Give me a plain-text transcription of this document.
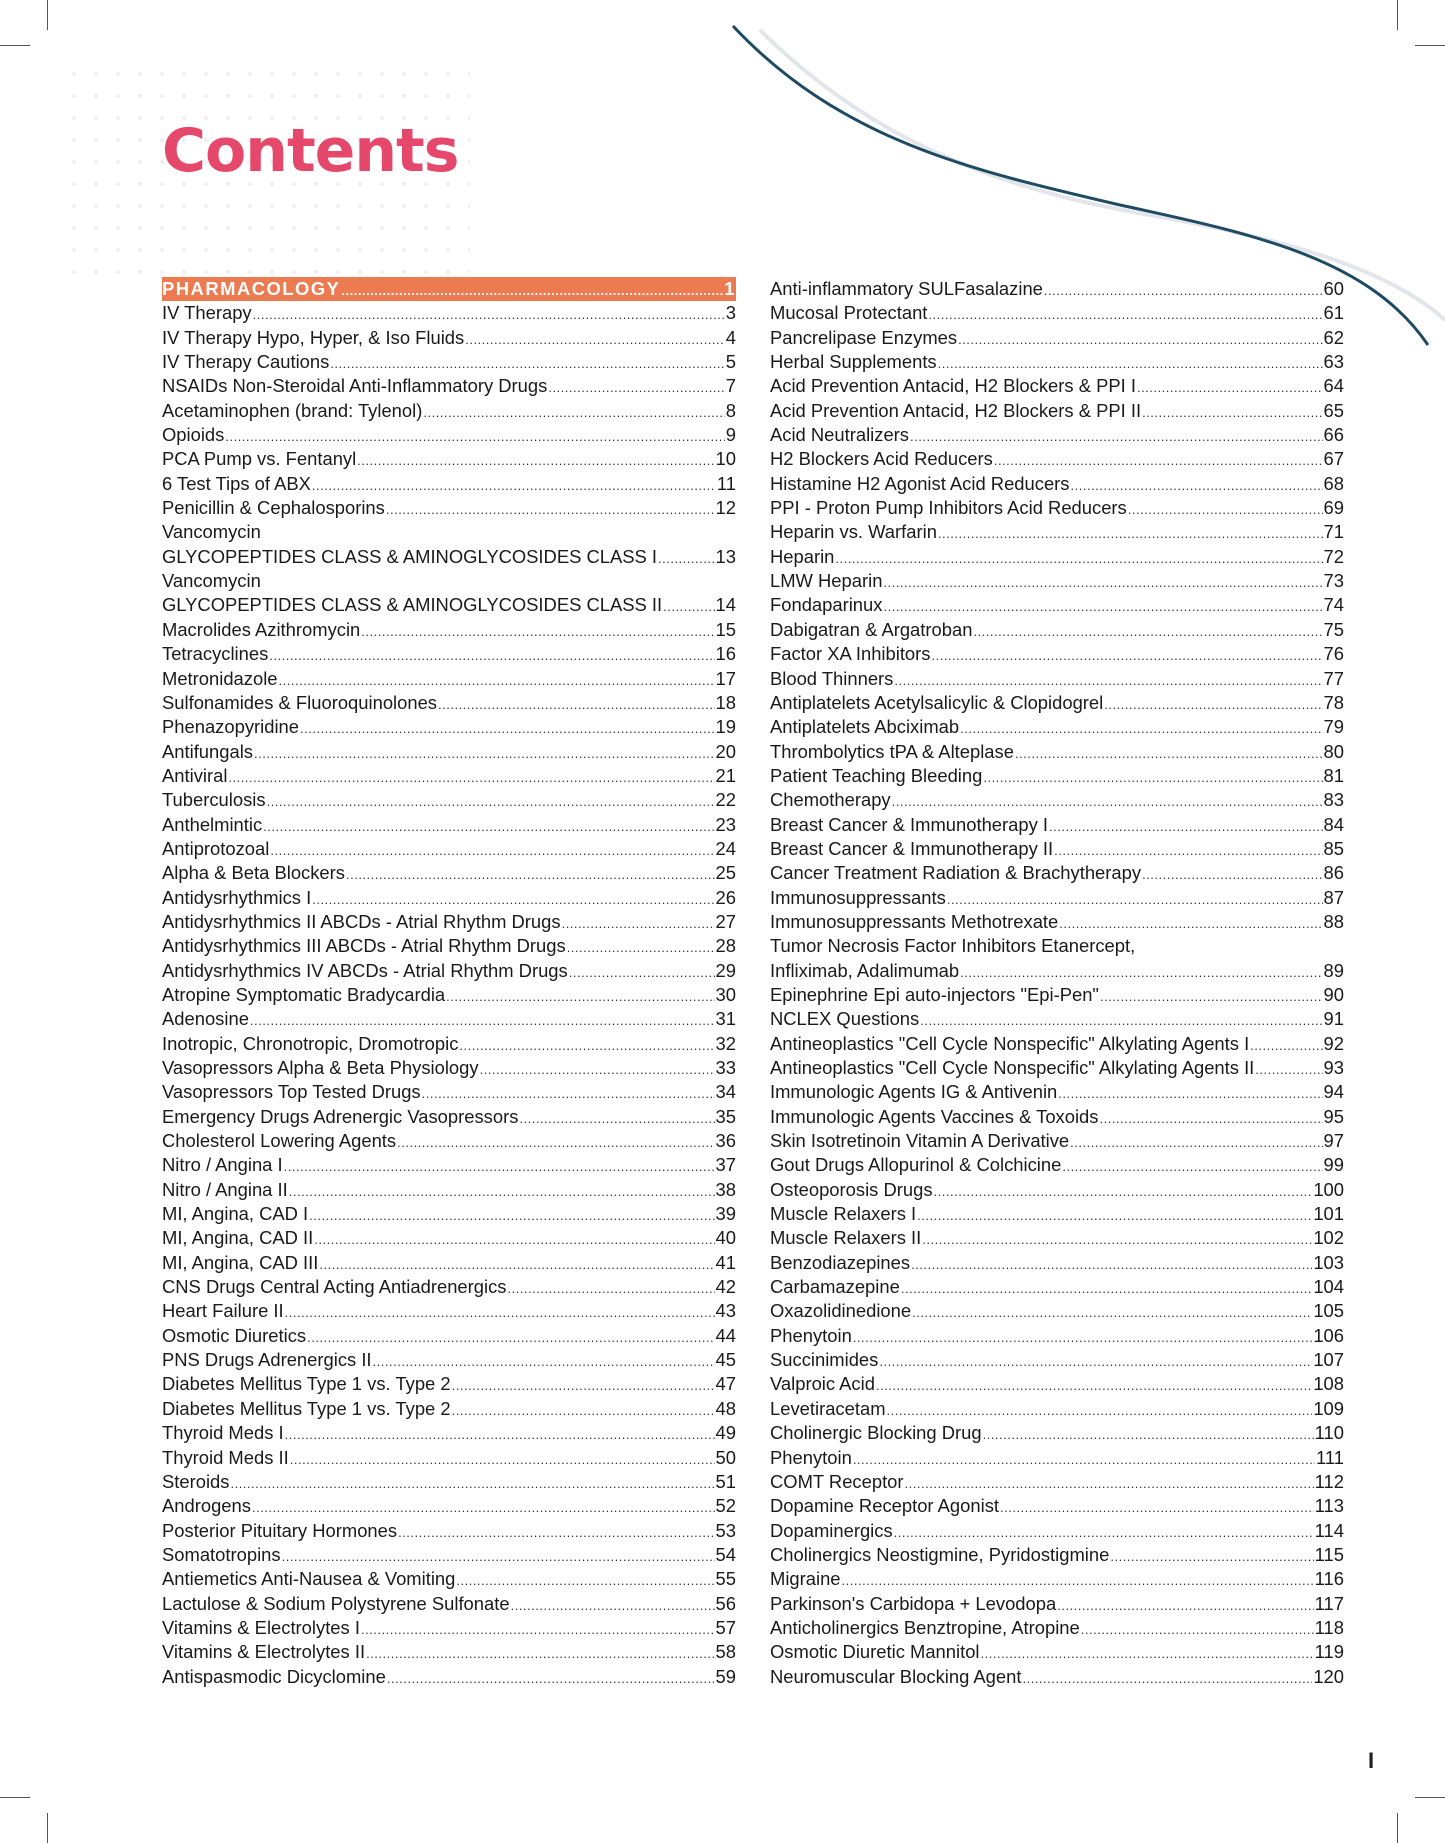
Contents
PHARMACOLOGY .....	1
IV Therapy .....	3
IV Therapy Hypo, Hyper, & Iso Fluids .....	4
IV Therapy Cautions .....	5
NSAIDs Non-Steroidal Anti-Inflammatory Drugs .....	7
Acetaminophen (brand: Tylenol) .....	8
Opioids .....	9
PCA Pump vs. Fentanyl .....	10
6 Test Tips of ABX .....	11
Penicillin & Cephalosporins .....	12
Vancomycin
GLYCOPEPTIDES CLASS & AMINOGLYCOSIDES CLASS I .....	13
Vancomycin
GLYCOPEPTIDES CLASS & AMINOGLYCOSIDES CLASS II .....	14
Macrolides Azithromycin .....	15
Tetracyclines .....	16
Metronidazole .....	17
Sulfonamides & Fluoroquinolones .....	18
Phenazopyridine .....	19
Antifungals .....	20
Antiviral .....	21
Tuberculosis .....	22
Anthelmintic .....	23
Antiprotozoal .....	24
Alpha & Beta Blockers .....	25
Antidysrhythmics I .....	26
Antidysrhythmics II ABCDs - Atrial Rhythm Drugs .....	27
Antidysrhythmics III ABCDs - Atrial Rhythm Drugs .....	28
Antidysrhythmics IV ABCDs - Atrial Rhythm Drugs .....	29
Atropine Symptomatic Bradycardia .....	30
Adenosine .....	31
Inotropic, Chronotropic, Dromotropic .....	32
Vasopressors Alpha & Beta Physiology .....	33
Vasopressors Top Tested Drugs .....	34
Emergency Drugs Adrenergic Vasopressors .....	35
Cholesterol Lowering Agents .....	36
Nitro / Angina I .....	37
Nitro / Angina II .....	38
MI, Angina, CAD I .....	39
MI, Angina, CAD II .....	40
MI, Angina, CAD III .....	41
CNS Drugs Central Acting Antiadrenergics .....	42
Heart Failure II .....	43
Osmotic Diuretics .....	44
PNS Drugs Adrenergics II .....	45
Diabetes Mellitus Type 1 vs. Type 2 .....	47
Diabetes Mellitus Type 1 vs. Type 2 .....	48
Thyroid Meds I .....	49
Thyroid Meds II .....	50
Steroids .....	51
Androgens .....	52
Posterior Pituitary Hormones .....	53
Somatotropins .....	54
Antiemetics Anti-Nausea & Vomiting .....	55
Lactulose & Sodium Polystyrene Sulfonate .....	56
Vitamins & Electrolytes I .....	57
Vitamins & Electrolytes II .....	58
Antispasmodic Dicyclomine .....	59
Anti-inflammatory SULFasalazine .....	60
Mucosal Protectant .....	61
Pancrelipase Enzymes .....	62
Herbal Supplements .....	63
Acid Prevention Antacid, H2 Blockers & PPI I .....	64
Acid Prevention Antacid, H2 Blockers & PPI II .....	65
Acid Neutralizers .....	66
H2 Blockers Acid Reducers .....	67
Histamine H2 Agonist Acid Reducers .....	68
PPI - Proton Pump Inhibitors Acid Reducers .....	69
Heparin vs. Warfarin .....	71
Heparin .....	72
LMW Heparin .....	73
Fondaparinux .....	74
Dabigatran & Argatroban .....	75
Factor XA Inhibitors .....	76
Blood Thinners .....	77
Antiplatelets Acetylsalicylic & Clopidogrel .....	78
Antiplatelets Abciximab .....	79
Thrombolytics tPA & Alteplase .....	80
Patient Teaching Bleeding .....	81
Chemotherapy .....	83
Breast Cancer & Immunotherapy I .....	84
Breast Cancer & Immunotherapy II .....	85
Cancer Treatment Radiation & Brachytherapy .....	86
Immunosuppressants .....	87
Immunosuppressants Methotrexate .....	88
Tumor Necrosis Factor Inhibitors Etanercept,
Infliximab, Adalimumab .....	89
Epinephrine Epi auto-injectors "Epi-Pen" .....	90
NCLEX Questions .....	91
Antineoplastics "Cell Cycle Nonspecific" Alkylating Agents I .....	92
Antineoplastics "Cell Cycle Nonspecific" Alkylating Agents II .....	93
Immunologic Agents IG & Antivenin .....	94
Immunologic Agents Vaccines & Toxoids .....	95
Skin Isotretinoin Vitamin A Derivative .....	97
Gout Drugs Allopurinol & Colchicine .....	99
Osteoporosis Drugs .....	100
Muscle Relaxers I .....	101
Muscle Relaxers II .....	102
Benzodiazepines .....	103
Carbamazepine .....	104
Oxazolidinedione .....	105
Phenytoin .....	106
Succinimides .....	107
Valproic Acid .....	108
Levetiracetam .....	109
Cholinergic Blocking Drug .....	110
Phenytoin .....	111
COMT Receptor .....	112
Dopamine Receptor Agonist .....	113
Dopaminergics .....	114
Cholinergics Neostigmine, Pyridostigmine .....	115
Migraine .....	116
Parkinson's Carbidopa + Levodopa .....	117
Anticholinergics Benztropine, Atropine .....	118
Osmotic Diuretic Mannitol .....	119
Neuromuscular Blocking Agent .....	120
I
